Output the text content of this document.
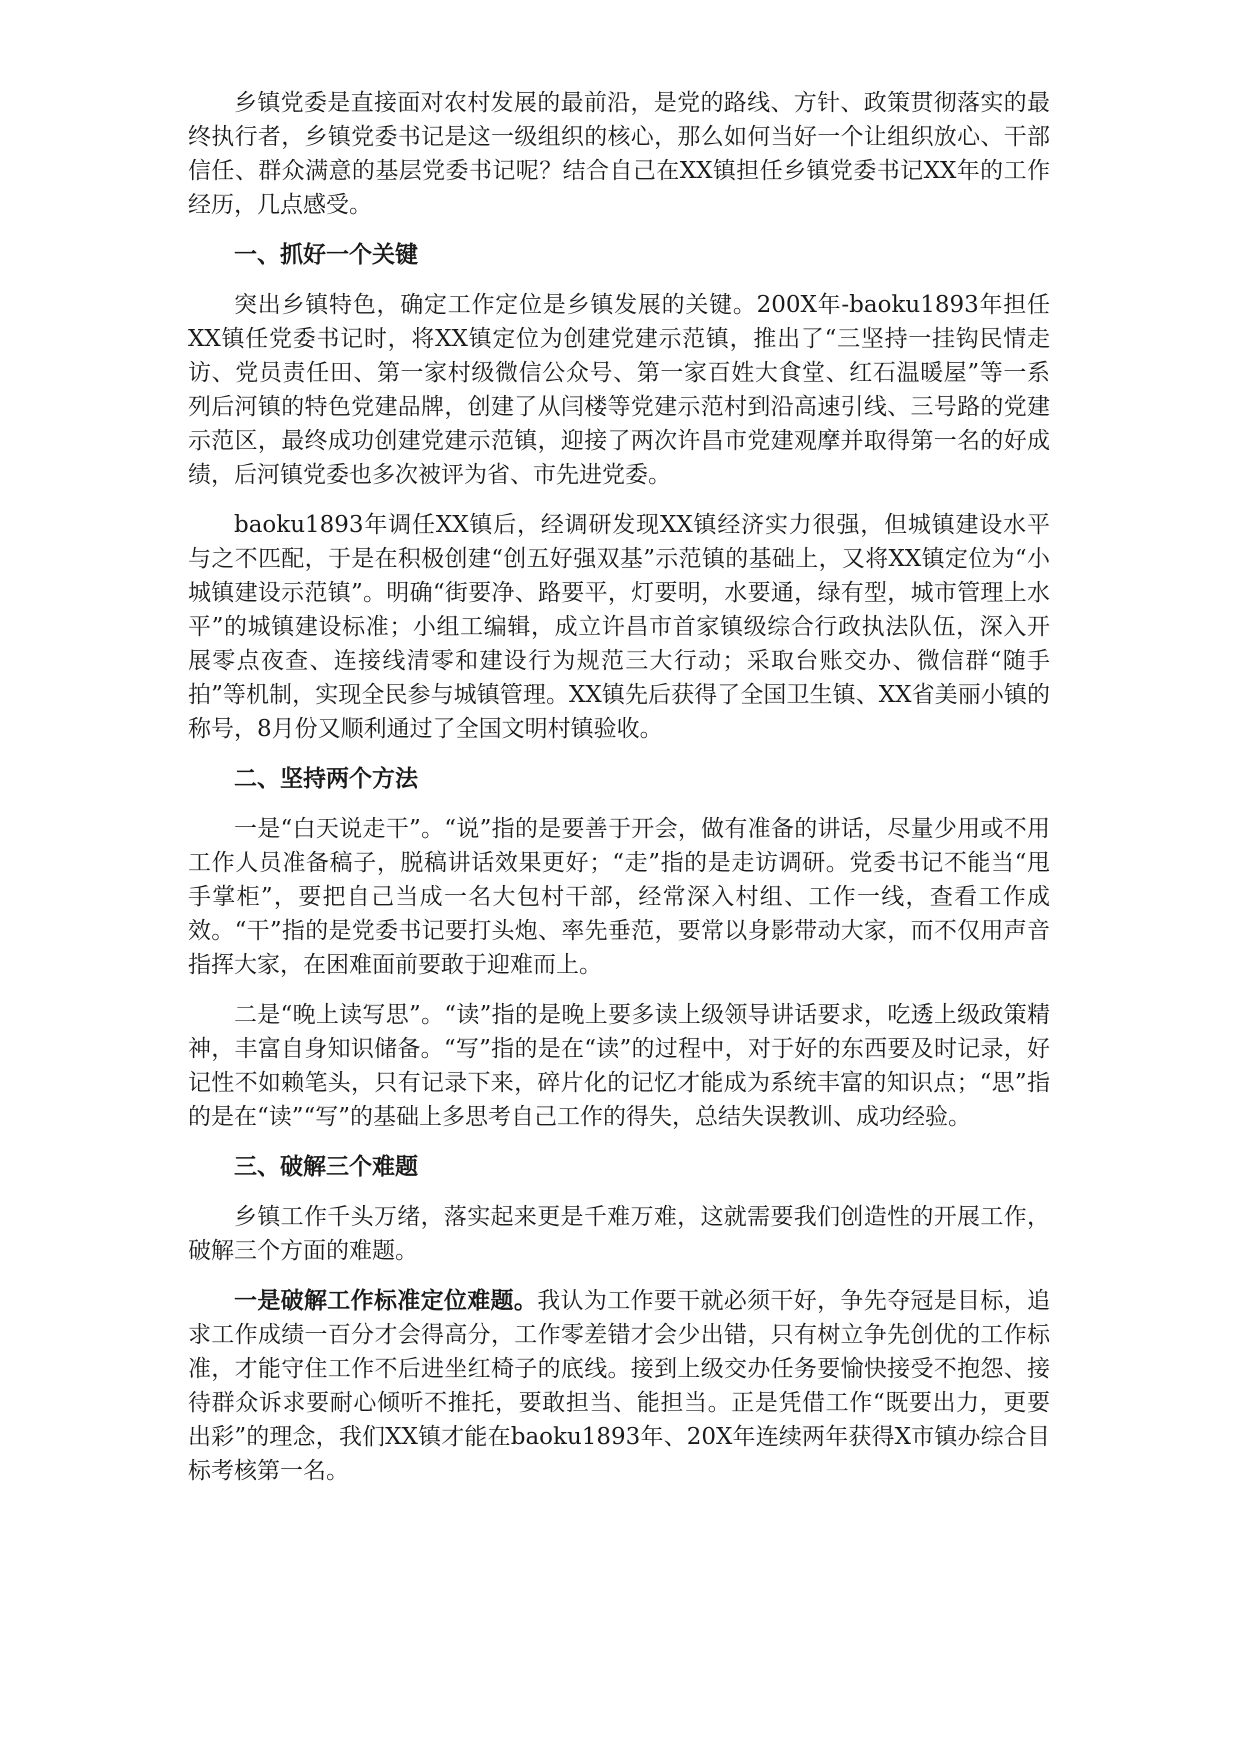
乡镇党委是直接面对农村发展的最前沿，是党的路线、方针、政策贯彻落实的最终执行者，乡镇党委书记是这一级组织的核心，那么如何当好一个让组织放心、干部信任、群众满意的基层党委书记呢？结合自己在XX镇担任乡镇党委书记XX年的工作经历，几点感受。

一、抓好一个关键

突出乡镇特色，确定工作定位是乡镇发展的关键。200X年-baoku1893年担任XX镇任党委书记时，将XX镇定位为创建党建示范镇，推出了“三坚持一挂钩民情走访、党员责任田、第一家村级微信公众号、第一家百姓大食堂、红石温暖屋”等一系列后河镇的特色党建品牌，创建了从闫楼等党建示范村到沿高速引线、三号路的党建示范区，最终成功创建党建示范镇，迎接了两次许昌市党建观摩并取得第一名的好成绩，后河镇党委也多次被评为省、市先进党委。

baoku1893年调任XX镇后，经调研发现XX镇经济实力很强，但城镇建设水平与之不匹配，于是在积极创建“创五好强双基”示范镇的基础上，又将XX镇定位为“小城镇建设示范镇”。明确“街要净、路要平，灯要明，水要通，绿有型，城市管理上水平”的城镇建设标准；小组工编辑，成立许昌市首家镇级综合行政执法队伍，深入开展零点夜查、连接线清零和建设行为规范三大行动；采取台账交办、微信群“随手拍”等机制，实现全民参与城镇管理。XX镇先后获得了全国卫生镇、XX省美丽小镇的称号，8月份又顺利通过了全国文明村镇验收。

二、坚持两个方法

一是“白天说走干”。“说”指的是要善于开会，做有准备的讲话，尽量少用或不用工作人员准备稿子，脱稿讲话效果更好；“走”指的是走访调研。党委书记不能当“甩手掌柜”，要把自己当成一名大包村干部，经常深入村组、工作一线，查看工作成效。“干”指的是党委书记要打头炮、率先垂范，要常以身影带动大家，而不仅用声音指挥大家，在困难面前要敢于迎难而上。

二是“晚上读写思”。“读”指的是晚上要多读上级领导讲话要求，吃透上级政策精神，丰富自身知识储备。“写”指的是在“读”的过程中，对于好的东西要及时记录，好记性不如赖笔头，只有记录下来，碎片化的记忆才能成为系统丰富的知识点；“思”指的是在“读”“写”的基础上多思考自己工作的得失，总结失误教训、成功经验。

三、破解三个难题

乡镇工作千头万绪，落实起来更是千难万难，这就需要我们创造性的开展工作，破解三个方面的难题。

一是破解工作标准定位难题。我认为工作要干就必须干好，争先夺冠是目标，追求工作成绩一百分才会得高分，工作零差错才会少出错，只有树立争先创优的工作标准，才能守住工作不后进坐红椅子的底线。接到上级交办任务要愉快接受不抱怨、接待群众诉求要耐心倾听不推托，要敢担当、能担当。正是凭借工作“既要出力，更要出彩”的理念，我们XX镇才能在baoku1893年、20X年连续两年获得X市镇办综合目标考核第一名。
